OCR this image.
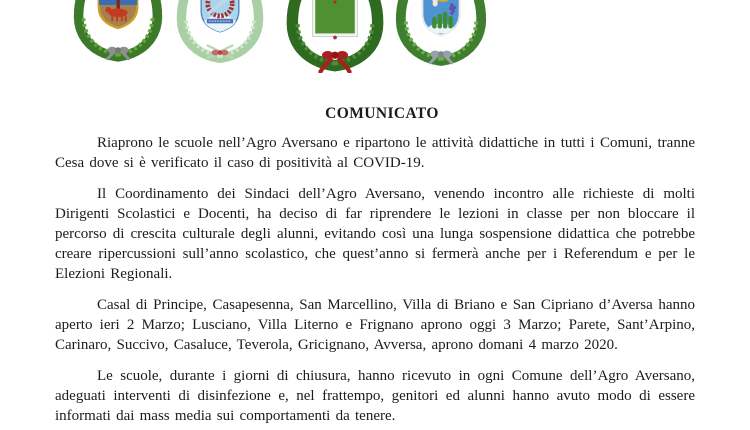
COMUNICATO

Riaprono le scuole nell’Agro Aversano e ripartono le attività didattiche in tutti i Comuni, tranne Cesa dove si è verificato il caso di positività al COVID-19.

Il Coordinamento dei Sindaci dell’Agro Aversano, venendo incontro alle richieste di molti Dirigenti Scolastici e Docenti, ha deciso di far riprendere le lezioni in classe per non bloccare il percorso di crescita culturale degli alunni, evitando così una lunga sospensione didattica che potrebbe creare ripercussioni sull’anno scolastico, che quest’anno si fermerà anche per i Referendum e per le Elezioni Regionali.

Casal di Principe, Casapesenna, San Marcellino, Villa di Briano e San Cipriano d’Aversa hanno aperto ieri 2 Marzo; Lusciano, Villa Literno e Frignano aprono oggi 3 Marzo; Parete, Sant’Arpino, Carinaro, Succivo, Casaluce, Teverola, Gricignano, Avversa, aprono domani 4 marzo 2020.

Le scuole, durante i giorni di chiusura, hanno ricevuto in ogni Comune dell’Agro Aversano, adeguati interventi di disinfezione e, nel frattempo, genitori ed alunni hanno avuto modo di essere informati dai mass media sui comportamenti da tenere.
